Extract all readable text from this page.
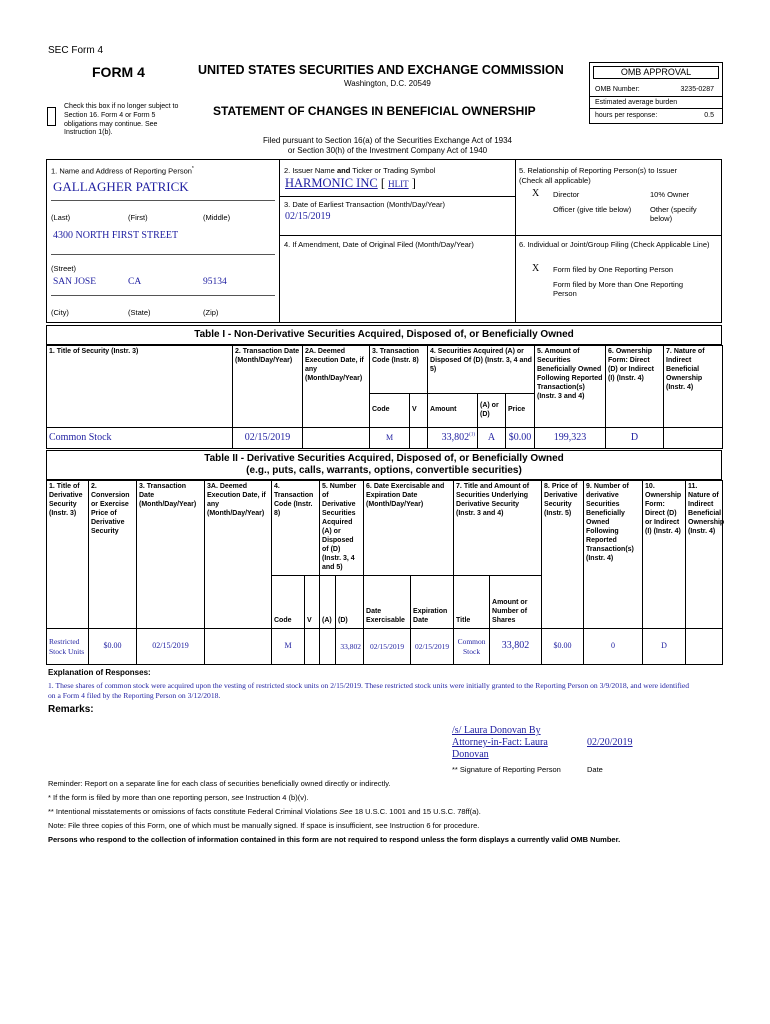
SEC Form 4
FORM 4	UNITED STATES SECURITIES AND EXCHANGE COMMISSION
Washington, D.C. 20549
Check this box if no longer subject to Section 16. Form 4 or Form 5 obligations may continue. See Instruction 1(b).
STATEMENT OF CHANGES IN BENEFICIAL OWNERSHIP
Filed pursuant to Section 16(a) of the Securities Exchange Act of 1934
or Section 30(h) of the Investment Company Act of 1940
OMB APPROVAL
OMB Number:	3235-0287
Estimated average burden
hours per response:	0.5
1. Name and Address of Reporting Person*
GALLAGHER PATRICK
(Last)	(First)	(Middle)
4300 NORTH FIRST STREET
(Street)
SAN JOSE	CA	95134
(City)	(State)	(Zip)
2. Issuer Name and Ticker or Trading Symbol
HARMONIC INC [ HLIT ]
3. Date of Earliest Transaction (Month/Day/Year)
02/15/2019
4. If Amendment, Date of Original Filed (Month/Day/Year)
5. Relationship of Reporting Person(s) to Issuer
(Check all applicable)
X Director	10% Owner
Officer (give title below)	Other (specify below)
6. Individual or Joint/Group Filing (Check Applicable Line)
X Form filed by One Reporting Person
Form filed by More than One Reporting Person
Table I - Non-Derivative Securities Acquired, Disposed of, or Beneficially Owned
1. Title of Security (Instr. 3)	2. Transaction Date (Month/Day/Year)	2A. Deemed Execution Date, if any (Month/Day/Year)	3. Transaction Code (Instr. 8)		4. Securities Acquired (A) or Disposed Of (D) (Instr. 3, 4 and 5)			5. Amount of Securities Beneficially Owned Following Reported Transaction(s) (Instr. 3 and 4)	6. Ownership Form: Direct (D) or Indirect (I) (Instr. 4)	7. Nature of Indirect Beneficial Ownership (Instr. 4)
			Code	V	Amount	(A) or (D)	Price			
Common Stock	02/15/2019		M		33,802$^{(1)}$	A	$0.00	199,323	D	
Table II - Derivative Securities Acquired, Disposed of, or Beneficially Owned
(e.g., puts, calls, warrants, options, convertible securities)
1. Title of Derivative Security (Instr. 3)	2. Conversion or Exercise Price of Derivative Security	3. Transaction Date (Month/Day/Year)	3A. Deemed Execution Date, if any (Month/Day/Year)	4. Transaction Code (Instr. 8)		5. Number of Derivative Securities Acquired (A) or Disposed of (D) (Instr. 3, 4 and 5)		6. Date Exercisable and Expiration Date (Month/Day/Year)		7. Title and Amount of Securities Underlying Derivative Security (Instr. 3 and 4)		8. Price of Derivative Security (Instr. 5)	9. Number of derivative Securities Beneficially Owned Following Reported Transaction(s) (Instr. 4)	10. Ownership Form: Direct (D) or Indirect (I) (Instr. 4)	11. Nature of Indirect Beneficial Ownership (Instr. 4)
				Code	V	(A)	(D)	Date Exercisable	Expiration Date	Title	Amount or Number of Shares				
Restricted Stock Units	$0.00	02/15/2019		M			33,802	02/15/2019	02/15/2019	Common Stock	33,802	$0.00	0	D	
Explanation of Responses:
1. These shares of common stock were acquired upon the vesting of restricted stock units on 2/15/2019. These restricted stock units were initially granted to the Reporting Person on 3/9/2018, and were identified on a Form 4 filed by the Reporting Person on 3/12/2018.
Remarks:
/s/ Laura Donovan By
Attorney-in-Fact: Laura
Donovan
02/20/2019
** Signature of Reporting Person	Date
Reminder: Report on a separate line for each class of securities beneficially owned directly or indirectly.
* If the form is filed by more than one reporting person, see Instruction 4 (b)(v).
** Intentional misstatements or omissions of facts constitute Federal Criminal Violations See 18 U.S.C. 1001 and 15 U.S.C. 78ff(a).
Note: File three copies of this Form, one of which must be manually signed. If space is insufficient, see Instruction 6 for procedure.
Persons who respond to the collection of information contained in this form are not required to respond unless the form displays a currently valid OMB Number.
